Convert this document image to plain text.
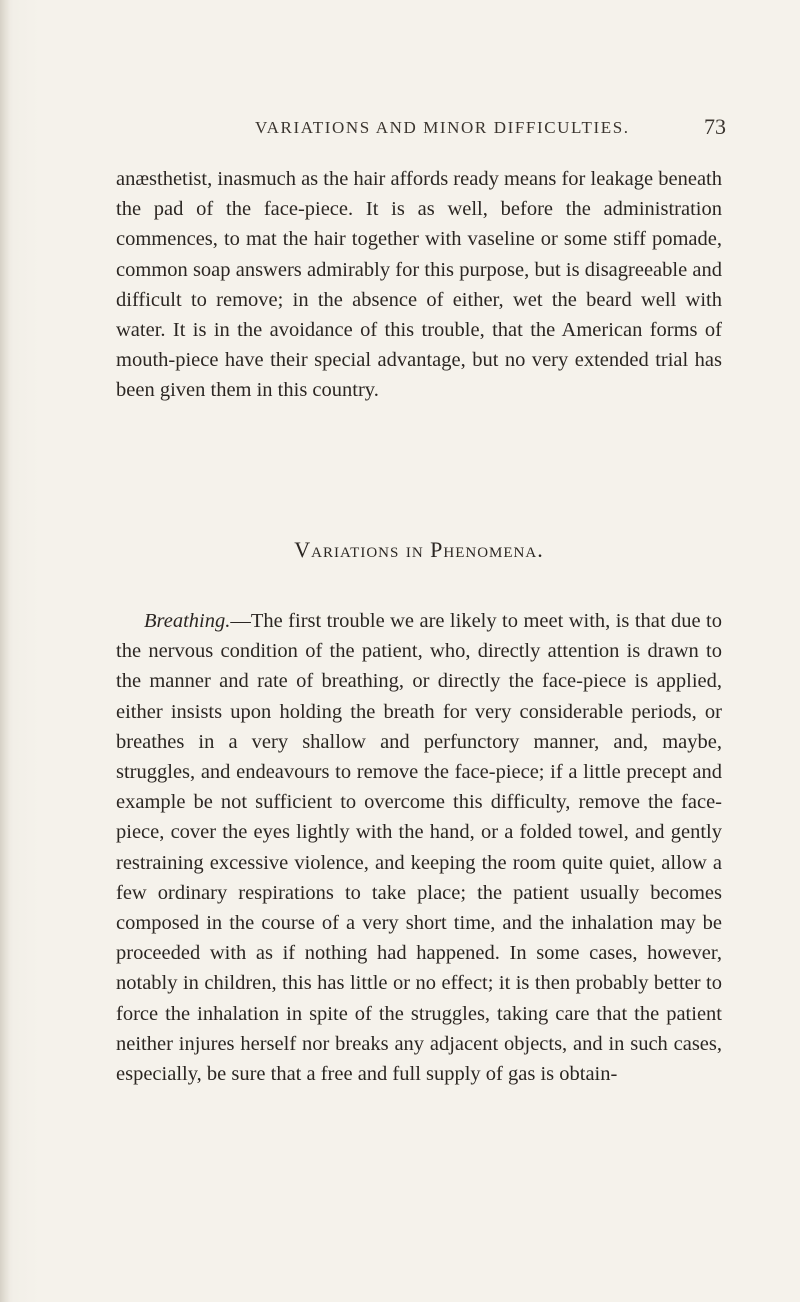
VARIATIONS AND MINOR DIFFICULTIES.	73

anæsthetist, inasmuch as the hair affords ready means for leakage beneath the pad of the face-piece. It is as well, before the administration commences, to mat the hair together with vaseline or some stiff pomade, common soap answers admirably for this purpose, but is disagreeable and difficult to remove; in the absence of either, wet the beard well with water. It is in the avoidance of this trouble, that the American forms of mouth-piece have their special advantage, but no very extended trial has been given them in this country.

Variations in Phenomena.

Breathing.—The first trouble we are likely to meet with, is that due to the nervous condition of the patient, who, directly attention is drawn to the manner and rate of breathing, or directly the face-piece is applied, either insists upon holding the breath for very considerable periods, or breathes in a very shallow and perfunctory manner, and, maybe, struggles, and endeavours to remove the face-piece; if a little precept and example be not sufficient to overcome this difficulty, remove the face-piece, cover the eyes lightly with the hand, or a folded towel, and gently restraining excessive violence, and keeping the room quite quiet, allow a few ordinary respirations to take place; the patient usually becomes composed in the course of a very short time, and the inhalation may be proceeded with as if nothing had happened. In some cases, however, notably in children, this has little or no effect; it is then probably better to force the inhalation in spite of the struggles, taking care that the patient neither injures herself nor breaks any adjacent objects, and in such cases, especially, be sure that a free and full supply of gas is obtain-
